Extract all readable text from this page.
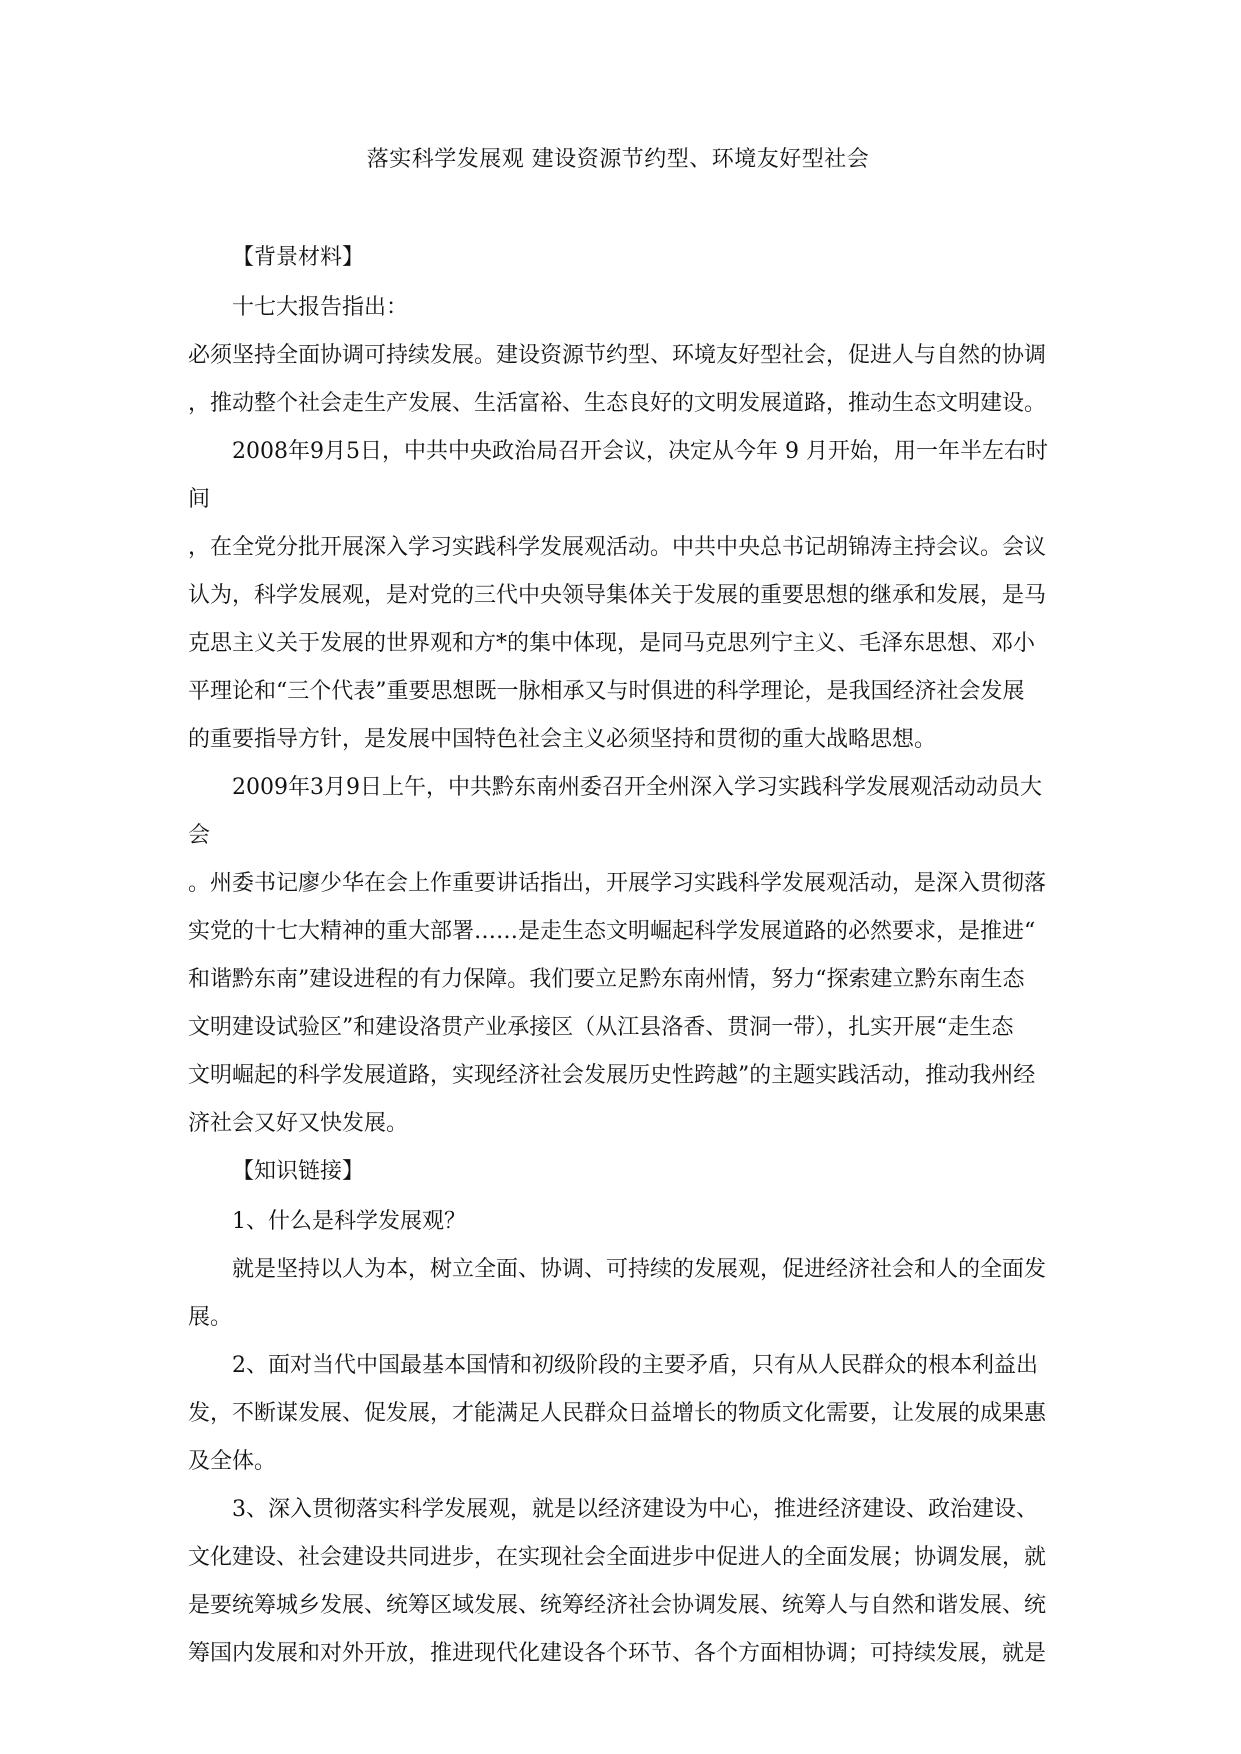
落实科学发展观 建设资源节约型、环境友好型社会
【背景材料】
十七大报告指出：
必须坚持全面协调可持续发展。建设资源节约型、环境友好型社会，促进人与自然的协调
，推动整个社会走生产发展、生活富裕、生态良好的文明发展道路，推动生态文明建设。
2008年9月5日，中共中央政治局召开会议，决定从今年 9 月开始，用一年半左右时间
，在全党分批开展深入学习实践科学发展观活动。中共中央总书记胡锦涛主持会议。会议
认为，科学发展观，是对党的三代中央领导集体关于发展的重要思想的继承和发展，是马
克思主义关于发展的世界观和方*的集中体现，是同马克思列宁主义、毛泽东思想、邓小
平理论和“三个代表”重要思想既一脉相承又与时俱进的科学理论，是我国经济社会发展
的重要指导方针，是发展中国特色社会主义必须坚持和贯彻的重大战略思想。
2009年3月9日上午，中共黔东南州委召开全州深入学习实践科学发展观活动动员大会
。州委书记廖少华在会上作重要讲话指出，开展学习实践科学发展观活动，是深入贯彻落
实党的十七大精神的重大部署……是走生态文明崛起科学发展道路的必然要求，是推进“
和谐黔东南”建设进程的有力保障。我们要立足黔东南州情，努力“探索建立黔东南生态
文明建设试验区”和建设洛贯产业承接区（从江县洛香、贯洞一带），扎实开展“走生态
文明崛起的科学发展道路，实现经济社会发展历史性跨越”的主题实践活动，推动我州经
济社会又好又快发展。
【知识链接】
1、什么是科学发展观？
就是坚持以人为本，树立全面、协调、可持续的发展观，促进经济社会和人的全面发
展。
2、面对当代中国最基本国情和初级阶段的主要矛盾，只有从人民群众的根本利益出
发，不断谋发展、促发展，才能满足人民群众日益增长的物质文化需要，让发展的成果惠
及全体。
3、深入贯彻落实科学发展观，就是以经济建设为中心，推进经济建设、政治建设、
文化建设、社会建设共同进步，在实现社会全面进步中促进人的全面发展；协调发展，就
是要统筹城乡发展、统筹区域发展、统筹经济社会协调发展、统筹人与自然和谐发展、统
筹国内发展和对外开放，推进现代化建设各个环节、各个方面相协调；可持续发展，就是
